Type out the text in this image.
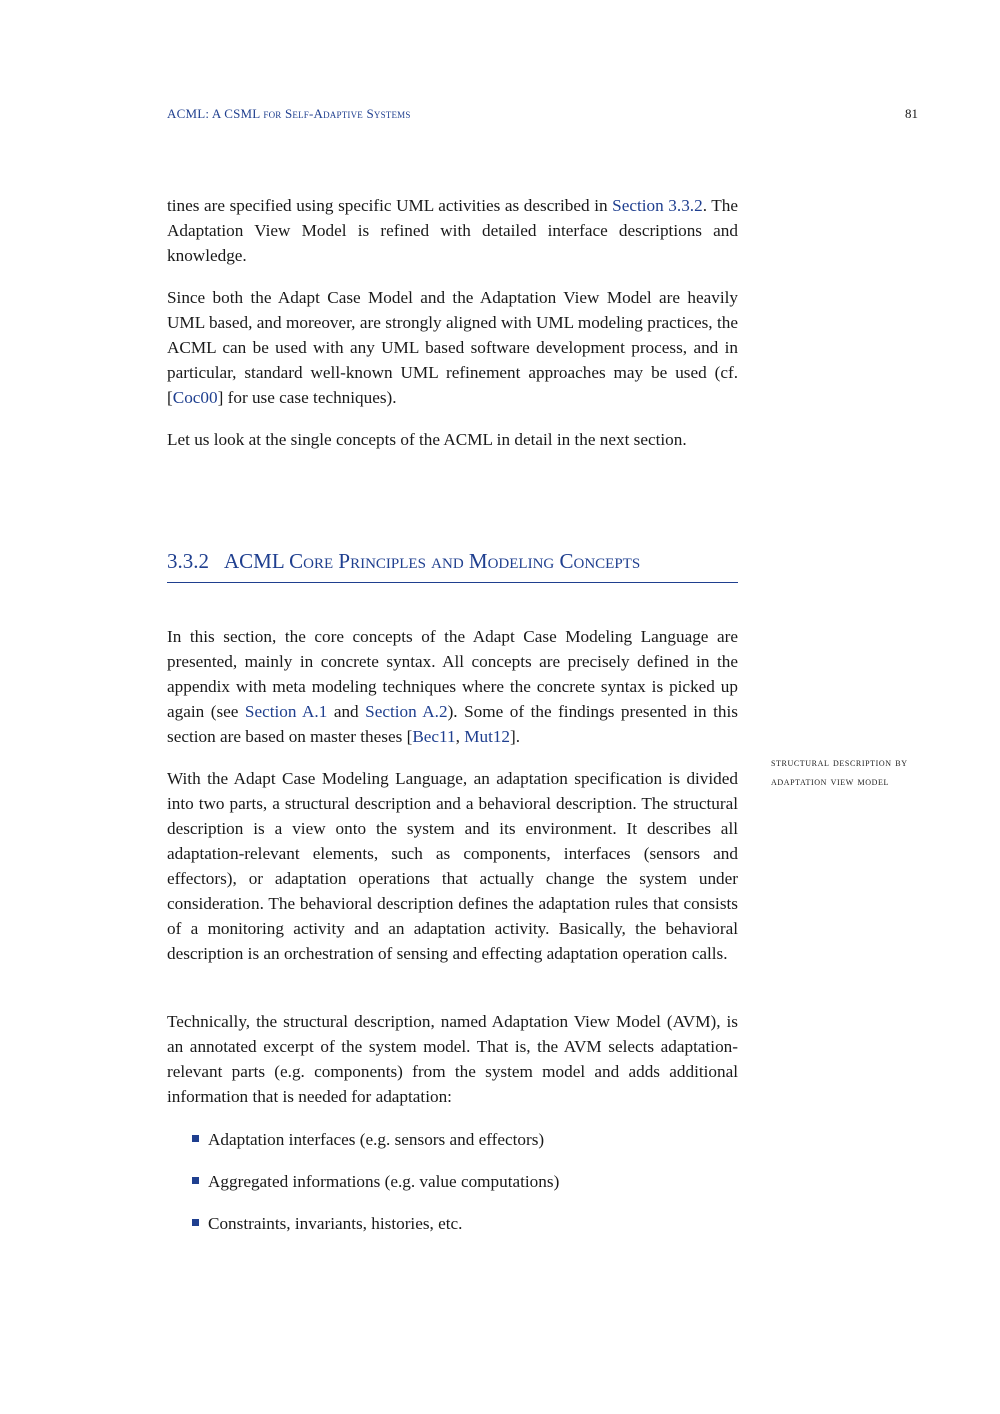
ACML: A CSML for Self-Adaptive Systems	81

tines are specified using specific UML activities as described in Section 3.3.2. The Adaptation View Model is refined with detailed interface descriptions and knowledge.

Since both the Adapt Case Model and the Adaptation View Model are heavily UML based, and moreover, are strongly aligned with UML modeling practices, the ACML can be used with any UML based software development process, and in particular, standard well-known UML refinement approaches may be used (cf. [Coc00] for use case techniques).

Let us look at the single concepts of the ACML in detail in the next section.

3.3.2 ACML Core Principles and Modeling Concepts

In this section, the core concepts of the Adapt Case Modeling Language are presented, mainly in concrete syntax. All concepts are precisely defined in the appendix with meta modeling techniques where the concrete syntax is picked up again (see Section A.1 and Section A.2). Some of the findings presented in this section are based on master theses [Bec11, Mut12].

structural description by adaptation view model

With the Adapt Case Modeling Language, an adaptation specification is divided into two parts, a structural description and a behavioral description. The structural description is a view onto the system and its environment. It describes all adaptation-relevant elements, such as components, interfaces (sensors and effectors), or adaptation operations that actually change the system under consideration. The behavioral description defines the adaptation rules that consists of a monitoring activity and an adaptation activity. Basically, the behavioral description is an orchestration of sensing and effecting adaptation operation calls.

Technically, the structural description, named Adaptation View Model (AVM), is an annotated excerpt of the system model. That is, the AVM selects adaptation-relevant parts (e.g. components) from the system model and adds additional information that is needed for adaptation:

Adaptation interfaces (e.g. sensors and effectors)
Aggregated informations (e.g. value computations)
Constraints, invariants, histories, etc.
